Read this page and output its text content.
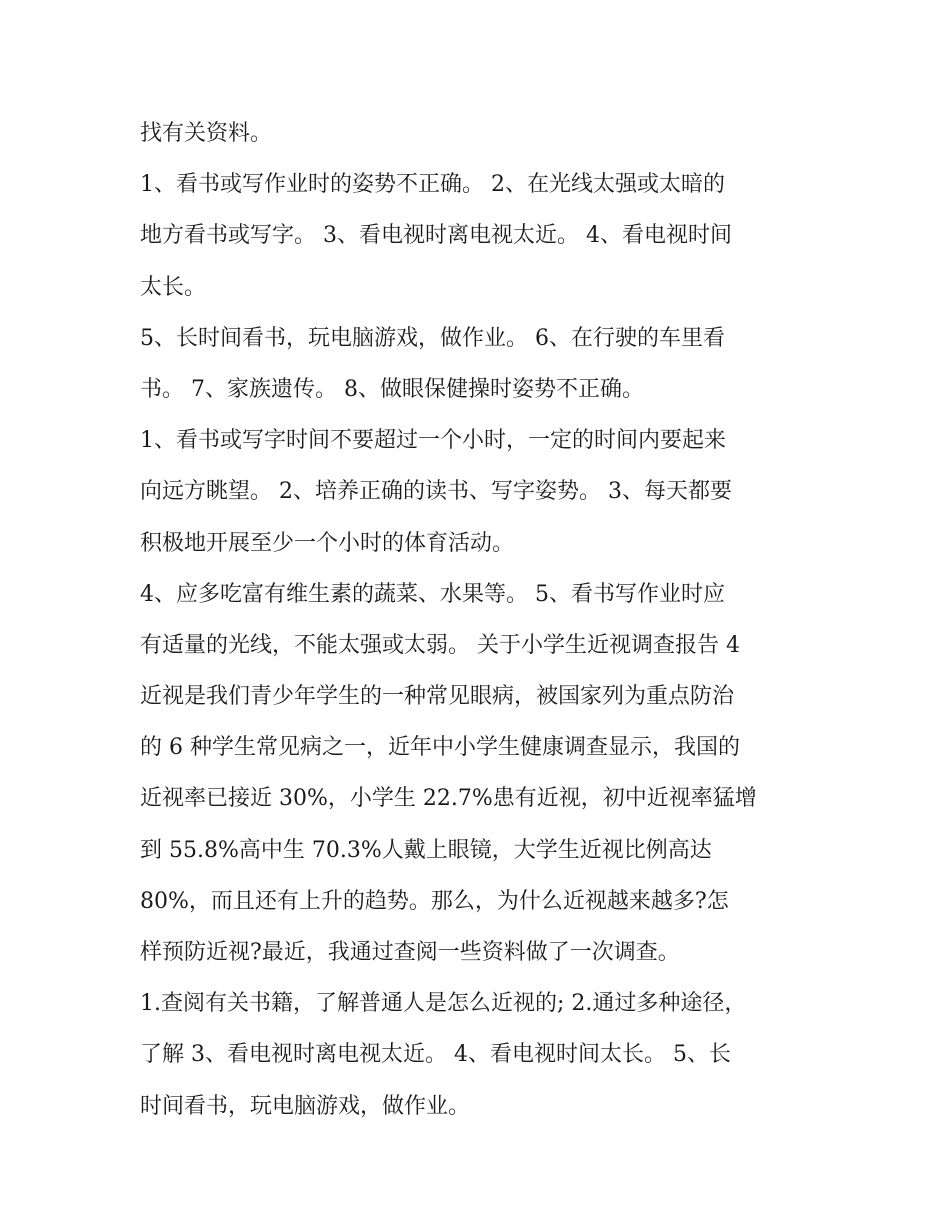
找有关资料。
1、看书或写作业时的姿势不正确。 2、在光线太强或太暗的
地方看书或写字。 3、看电视时离电视太近。 4、看电视时间
太长。
5、长时间看书，玩电脑游戏，做作业。 6、在行驶的车里看
书。 7、家族遗传。 8、做眼保健操时姿势不正确。
1、看书或写字时间不要超过一个小时，一定的时间内要起来
向远方眺望。 2、培养正确的读书、写字姿势。 3、每天都要
积极地开展至少一个小时的体育活动。
4、应多吃富有维生素的蔬菜、水果等。 5、看书写作业时应
有适量的光线，不能太强或太弱。 关于小学生近视调查报告 4
近视是我们青少年学生的一种常见眼病，被国家列为重点防治
的 6 种学生常见病之一，近年中小学生健康调查显示，我国的
近视率已接近 30%，小学生 22.7%患有近视，初中近视率猛增
到 55.8%高中生 70.3%人戴上眼镜，大学生近视比例高达
80%，而且还有上升的趋势。那么，为什么近视越来越多?怎
样预防近视?最近，我通过查阅一些资料做了一次调查。
1.查阅有关书籍，了解普通人是怎么近视的; 2.通过多种途径，
了解 3、看电视时离电视太近。 4、看电视时间太长。 5、长
时间看书，玩电脑游戏，做作业。
